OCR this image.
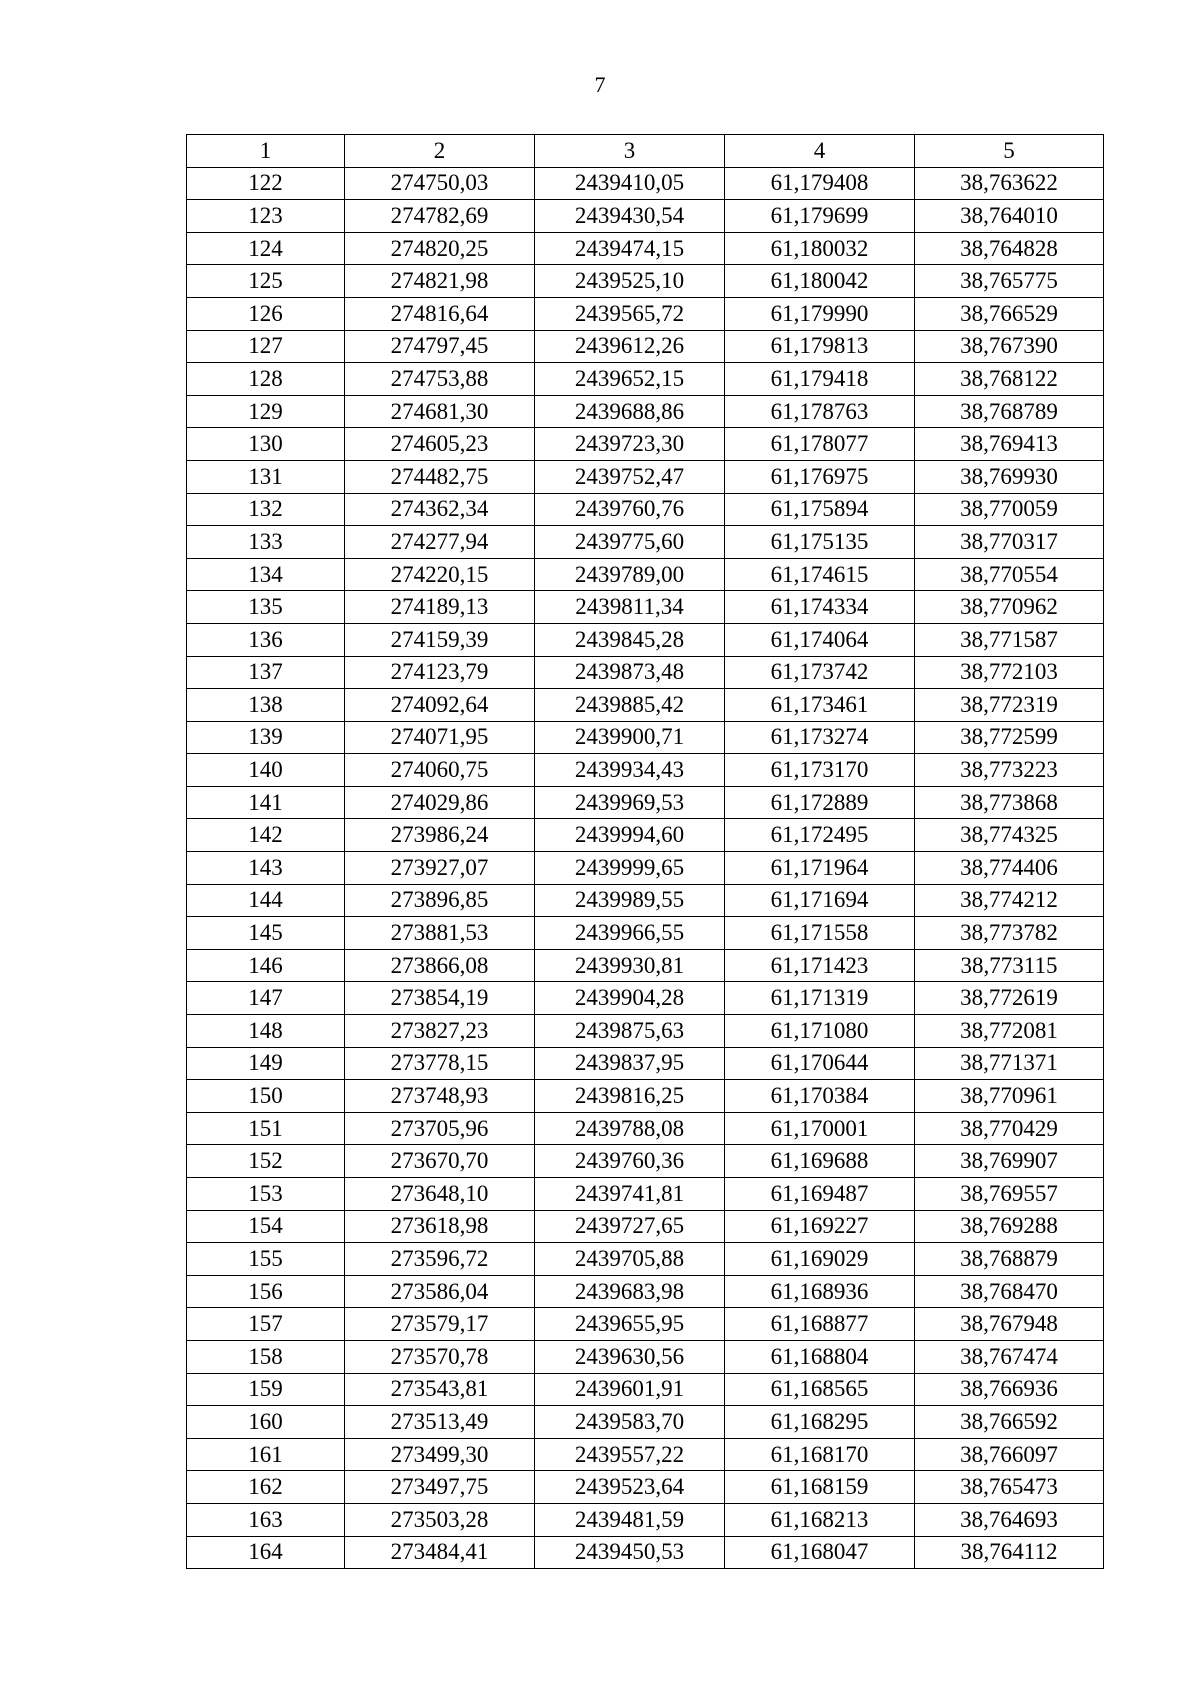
7
1	2	3	4	5
122	274750,03	2439410,05	61,179408	38,763622
123	274782,69	2439430,54	61,179699	38,764010
124	274820,25	2439474,15	61,180032	38,764828
125	274821,98	2439525,10	61,180042	38,765775
126	274816,64	2439565,72	61,179990	38,766529
127	274797,45	2439612,26	61,179813	38,767390
128	274753,88	2439652,15	61,179418	38,768122
129	274681,30	2439688,86	61,178763	38,768789
130	274605,23	2439723,30	61,178077	38,769413
131	274482,75	2439752,47	61,176975	38,769930
132	274362,34	2439760,76	61,175894	38,770059
133	274277,94	2439775,60	61,175135	38,770317
134	274220,15	2439789,00	61,174615	38,770554
135	274189,13	2439811,34	61,174334	38,770962
136	274159,39	2439845,28	61,174064	38,771587
137	274123,79	2439873,48	61,173742	38,772103
138	274092,64	2439885,42	61,173461	38,772319
139	274071,95	2439900,71	61,173274	38,772599
140	274060,75	2439934,43	61,173170	38,773223
141	274029,86	2439969,53	61,172889	38,773868
142	273986,24	2439994,60	61,172495	38,774325
143	273927,07	2439999,65	61,171964	38,774406
144	273896,85	2439989,55	61,171694	38,774212
145	273881,53	2439966,55	61,171558	38,773782
146	273866,08	2439930,81	61,171423	38,773115
147	273854,19	2439904,28	61,171319	38,772619
148	273827,23	2439875,63	61,171080	38,772081
149	273778,15	2439837,95	61,170644	38,771371
150	273748,93	2439816,25	61,170384	38,770961
151	273705,96	2439788,08	61,170001	38,770429
152	273670,70	2439760,36	61,169688	38,769907
153	273648,10	2439741,81	61,169487	38,769557
154	273618,98	2439727,65	61,169227	38,769288
155	273596,72	2439705,88	61,169029	38,768879
156	273586,04	2439683,98	61,168936	38,768470
157	273579,17	2439655,95	61,168877	38,767948
158	273570,78	2439630,56	61,168804	38,767474
159	273543,81	2439601,91	61,168565	38,766936
160	273513,49	2439583,70	61,168295	38,766592
161	273499,30	2439557,22	61,168170	38,766097
162	273497,75	2439523,64	61,168159	38,765473
163	273503,28	2439481,59	61,168213	38,764693
164	273484,41	2439450,53	61,168047	38,764112
